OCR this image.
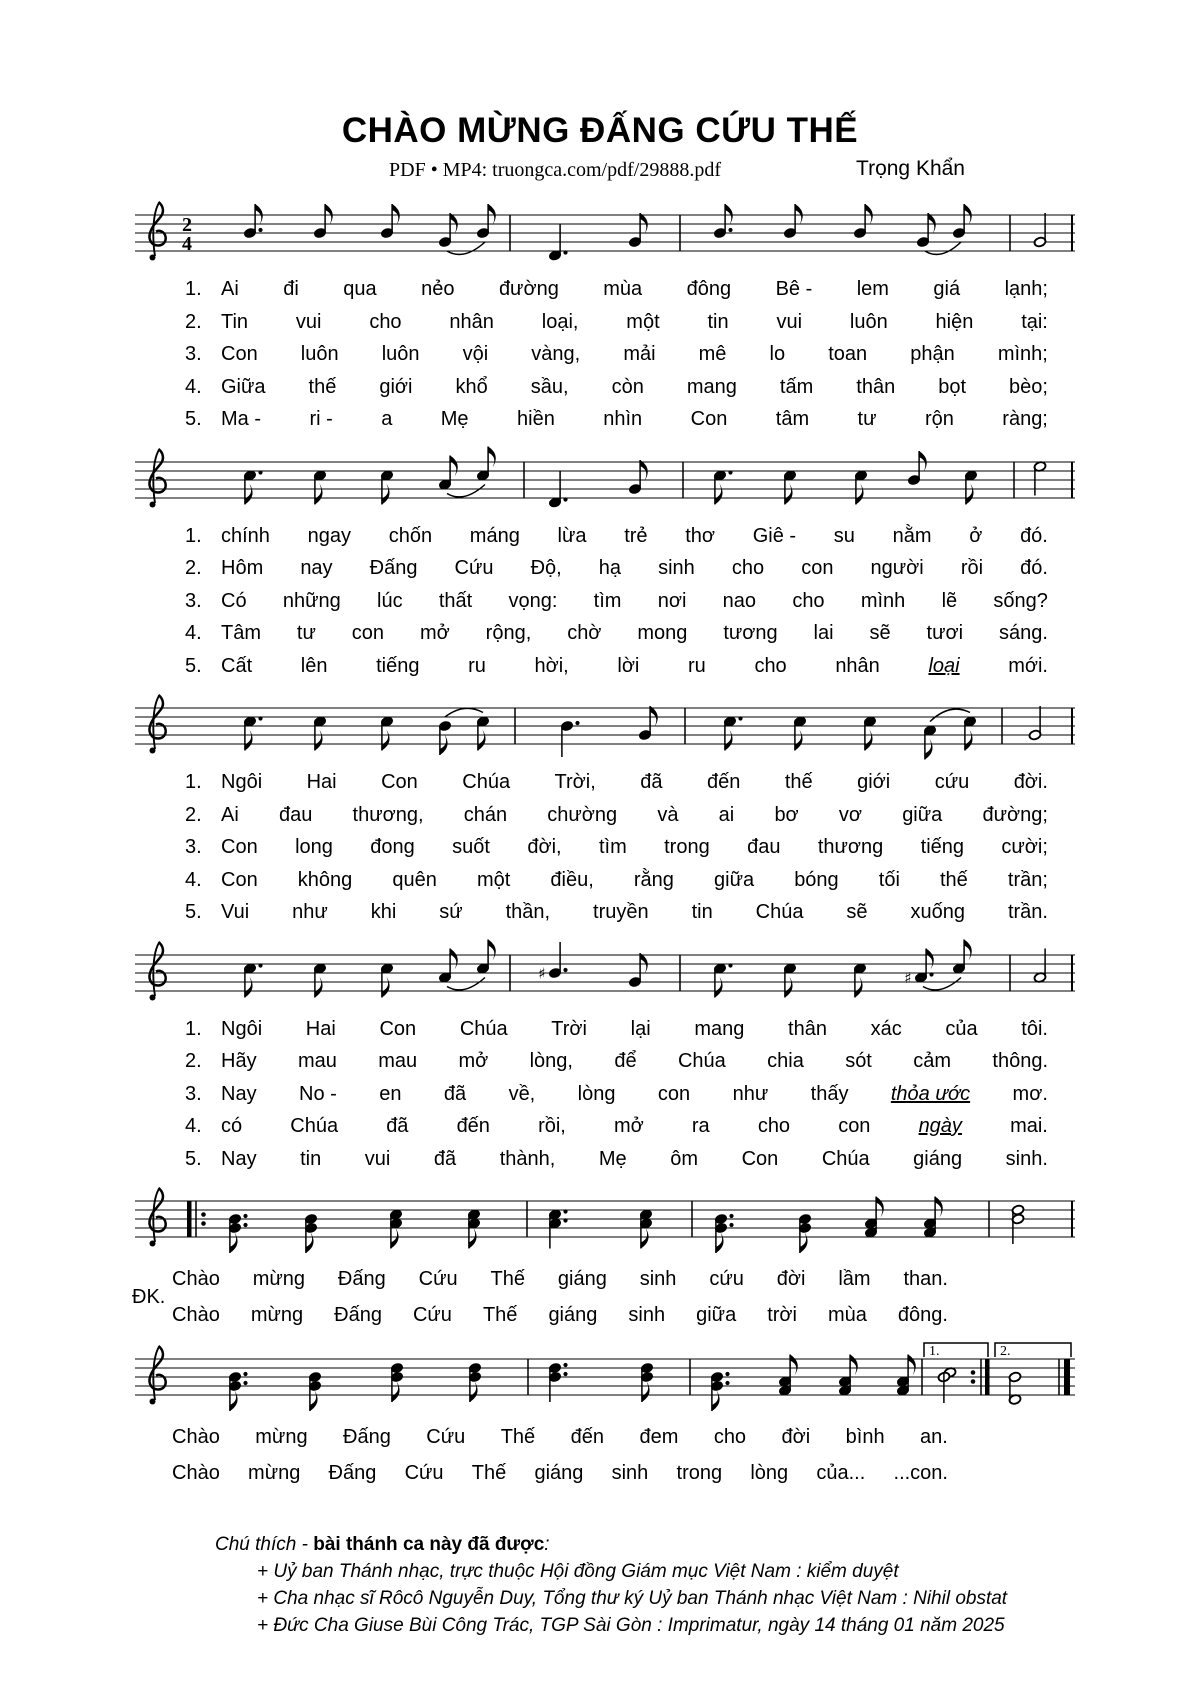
CHÀO MỪNG ĐẤNG CỨU THẾ
PDF • MP4: truongca.com/pdf/29888.pdf	Trọng Khẩn
2
4
1. Ai đi qua nẻo đường mùa đông Bê - lem giá lạnh;
2. Tin vui cho nhân loại, một tin vui luôn hiện tại:
3. Con luôn luôn vội vàng, mải mê lo toan phận mình;
4. Giữa thế giới khổ sầu, còn mang tấm thân bọt bèo;
5. Ma - ri - a Mẹ hiền nhìn Con tâm tư rộn ràng;
1. chính ngay chốn máng lừa trẻ thơ Giê - su nằm ở đó.
2. Hôm nay Đấng Cứu Độ, hạ sinh cho con người rồi đó.
3. Có những lúc thất vọng: tìm nơi nao cho mình lẽ sống?
4. Tâm tư con mở rộng, chờ mong tương lai sẽ tươi sáng.
5. Cất lên tiếng ru hời, lời ru cho nhân loại mới.
1. Ngôi Hai Con Chúa Trời, đã đến thế giới cứu đời.
2. Ai đau thương, chán chường và ai bơ vơ giữa đường;
3. Con long đong suốt đời, tìm trong đau thương tiếng cười;
4. Con không quên một điều, rằng giữa bóng tối thế trần;
5. Vui như khi sứ thần, truyền tin Chúa sẽ xuống trần.
♯	♯
1. Ngôi Hai Con Chúa Trời lại mang thân xác của tôi.
2. Hãy mau mau mở lòng, để Chúa chia sót cảm thông.
3. Nay No - en đã về, lòng con như thấy thỏa ước mơ.
4. có Chúa đã đến rồi, mở ra cho con ngày mai.
5. Nay tin vui đã thành, Mẹ ôm Con Chúa giáng sinh.
ĐK.
Chào mừng Đấng Cứu Thế giáng sinh cứu đời lầm than.
Chào mừng Đấng Cứu Thế giáng sinh giữa trời mùa đông.
1.	2.
Chào mừng Đấng Cứu Thế đến đem cho đời bình an.
Chào mừng Đấng Cứu Thế giáng sinh trong lòng của... ...con.
Chú thích - bài thánh ca này đã được:
+ Uỷ ban Thánh nhạc, trực thuộc Hội đồng Giám mục Việt Nam : kiểm duyệt
+ Cha nhạc sĩ Rôcô Nguyễn Duy, Tổng thư ký Uỷ ban Thánh nhạc Việt Nam : Nihil obstat
+ Đức Cha Giuse Bùi Công Trác, TGP Sài Gòn : Imprimatur, ngày 14 tháng 01 năm 2025
